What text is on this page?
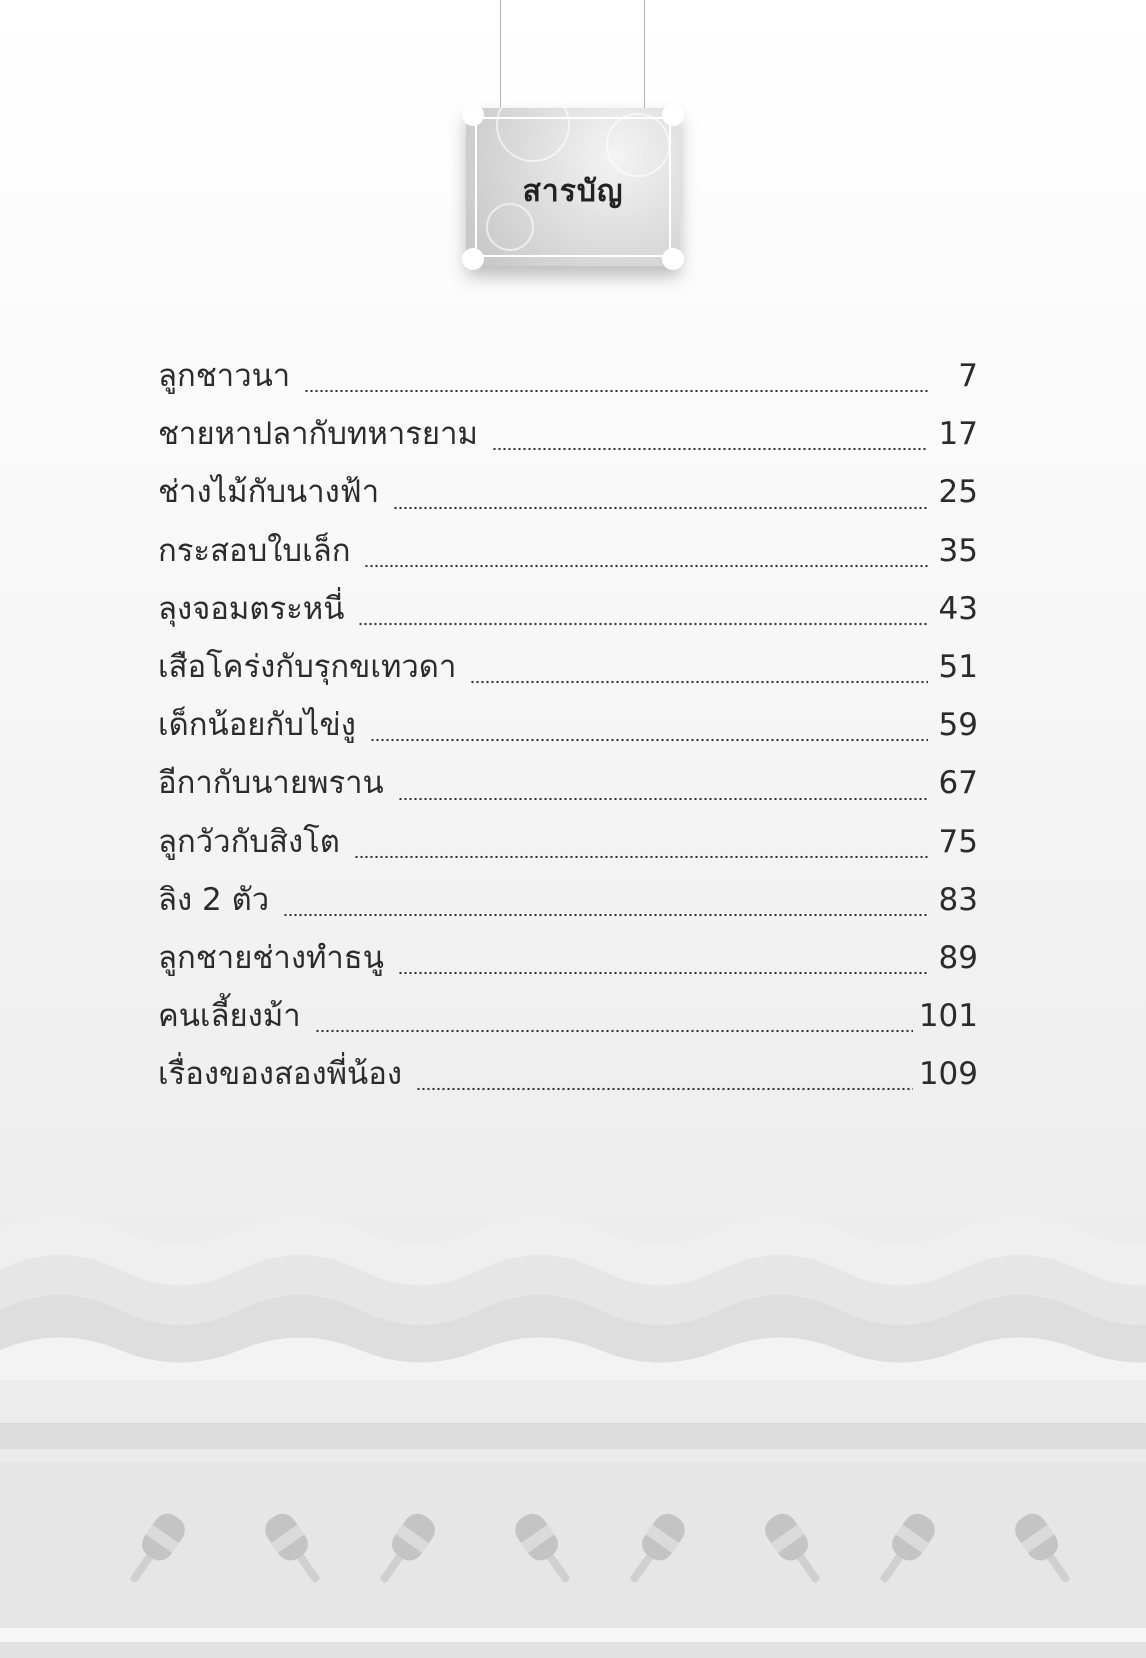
สารบัญ
ลูกชาวนา	7
ชายหาปลากับทหารยาม	17
ช่างไม้กับนางฟ้า	25
กระสอบใบเล็ก	35
ลุงจอมตระหนี่	43
เสือโคร่งกับรุกขเทวดา	51
เด็กน้อยกับไข่งู	59
อีกากับนายพราน	67
ลูกวัวกับสิงโต	75
ลิง 2 ตัว	83
ลูกชายช่างทำธนู	89
คนเลี้ยงม้า	101
เรื่องของสองพี่น้อง	109
